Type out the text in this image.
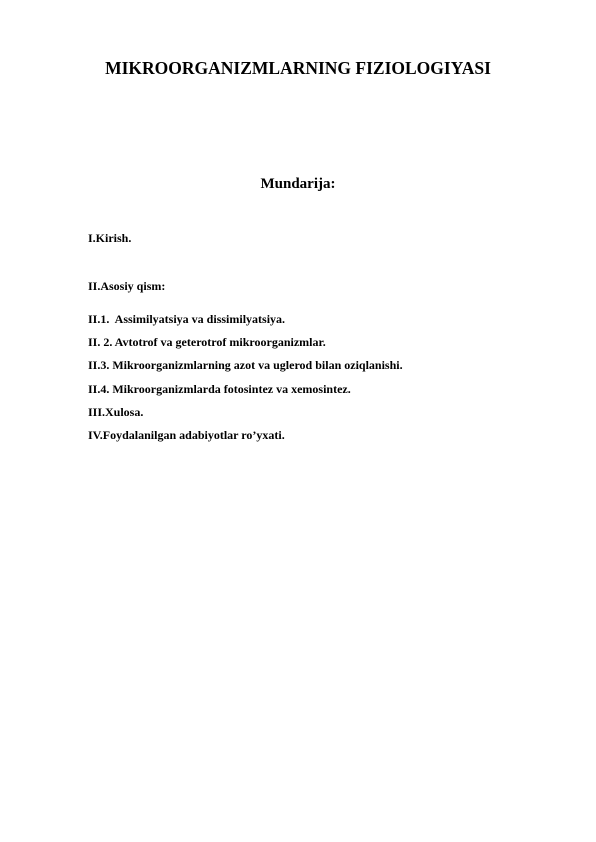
MIKROORGANIZMLARNING FIZIOLOGIYASI
Mundarija:
I.Kirish.
II.Asosiy qism:
II.1.  Assimilyatsiya va dissimilyatsiya.
II. 2. Avtotrof va geterotrof mikroorganizmlar.
II.3. Mikroorganizmlarning azot va uglerod bilan oziqlanishi.
II.4. Mikroorganizmlarda fotosintez va xemosintez.
III.Xulosa.
IV.Foydalanilgan adabiyotlar ro’yxati.
